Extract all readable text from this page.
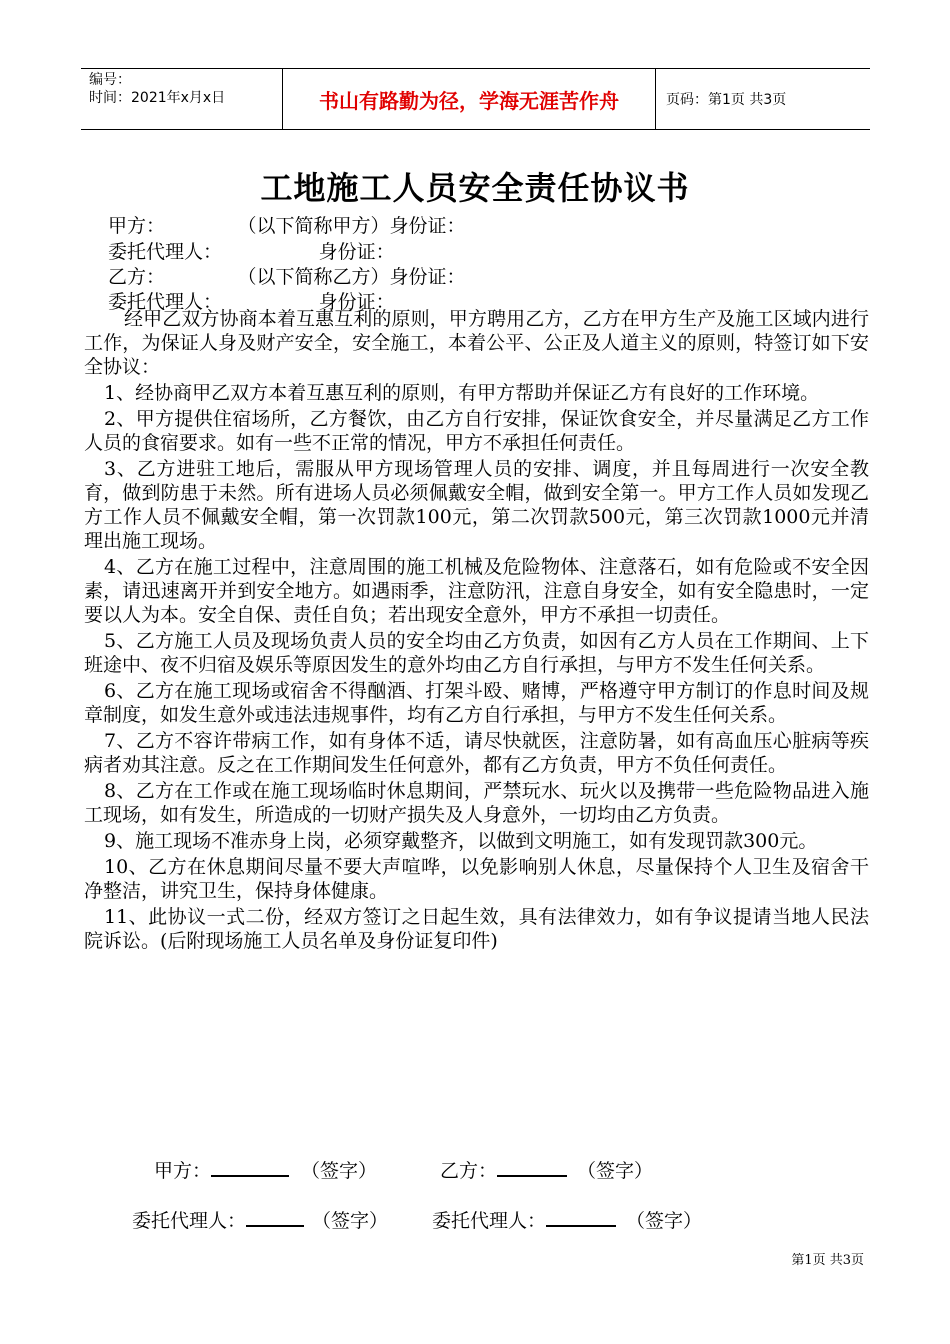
编号：
时间：2021年x月x日	书山有路勤为径，学海无涯苦作舟	页码：第1页 共3页
工地施工人员安全责任协议书
甲方：            （以下简称甲方）身份证：
委托代理人：                身份证：
乙方：            （以下简称乙方）身份证：
委托代理人：                身份证：

经甲乙双方协商本着互惠互利的原则，甲方聘用乙方，乙方在甲方生产及施工区域内进行工作，为保证人身及财产安全，安全施工，本着公平、公正及人道主义的原则，特签订如下安全协议：

1、经协商甲乙双方本着互惠互利的原则，有甲方帮助并保证乙方有良好的工作环境。

2、甲方提供住宿场所，乙方餐饮，由乙方自行安排，保证饮食安全，并尽量满足乙方工作人员的食宿要求。如有一些不正常的情况，甲方不承担任何责任。

3、乙方进驻工地后，需服从甲方现场管理人员的安排、调度，并且每周进行一次安全教育，做到防患于未然。所有进场人员必须佩戴安全帽，做到安全第一。甲方工作人员如发现乙方工作人员不佩戴安全帽，第一次罚款100元，第二次罚款500元，第三次罚款1000元并清理出施工现场。

4、乙方在施工过程中，注意周围的施工机械及危险物体、注意落石，如有危险或不安全因素，请迅速离开并到安全地方。如遇雨季，注意防汛，注意自身安全，如有安全隐患时，一定要以人为本。安全自保、责任自负；若出现安全意外，甲方不承担一切责任。

5、乙方施工人员及现场负责人员的安全均由乙方负责，如因有乙方人员在工作期间、上下班途中、夜不归宿及娱乐等原因发生的意外均由乙方自行承担，与甲方不发生任何关系。

6、乙方在施工现场或宿舍不得酗酒、打架斗殴、赌博，严格遵守甲方制订的作息时间及规章制度，如发生意外或违法违规事件，均有乙方自行承担，与甲方不发生任何关系。

7、乙方不容许带病工作，如有身体不适，请尽快就医，注意防暑，如有高血压心脏病等疾病者劝其注意。反之在工作期间发生任何意外，都有乙方负责，甲方不负任何责任。

8、乙方在工作或在施工现场临时休息期间，严禁玩水、玩火以及携带一些危险物品进入施工现场，如有发生，所造成的一切财产损失及人身意外，一切均由乙方负责。

9、施工现场不准赤身上岗，必须穿戴整齐，以做到文明施工，如有发现罚款300元。

10、乙方在休息期间尽量不要大声喧哗，以免影响别人休息，尽量保持个人卫生及宿舍干净整洁，讲究卫生，保持身体健康。

11、此协议一式二份，经双方签订之日起生效，具有法律效力，如有争议提请当地人民法院诉讼。(后附现场施工人员名单及身份证复印件)

甲方：	（签字）	乙方：	（签字）
委托代理人：	（签字） 委托代理人：	（签字）
第1页 共3页
